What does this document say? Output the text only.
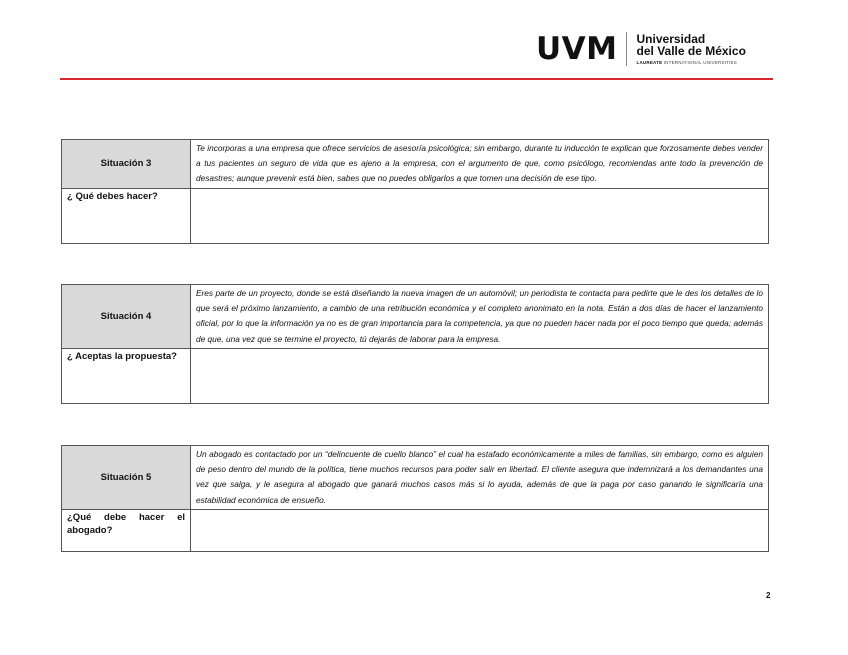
UVM Universidad
del Valle de México
LAUREATE INTERNATIONAL UNIVERSITIES
Situación 3	Te incorporas a una empresa que ofrece servicios de asesoría psicológica; sin embargo, durante tu inducción te explican que forzosamente debes vender a tus pacientes un seguro de vida que es ajeno a la empresa, con el argumento de que, como psicólogo, recomiendas ante todo la prevención de desastres; aunque prevenir está bien, sabes que no puedes obligarlos a que tomen una decisión de ese tipo.
¿ Qué debes hacer?	
Situación 4	Eres parte de un proyecto, donde se está diseñando la nueva imagen de un automóvil; un periodista te contacta para pedirte que le des los detalles de lo que será el próximo lanzamiento, a cambio de una retribución económica y el completo anonimato en la nota. Están a dos días de hacer el lanzamiento oficial, por lo que la información ya no es de gran importancia para la competencia, ya que no pueden hacer nada por el poco tiempo que queda; además de que, una vez que se termine el proyecto, tú dejarás de laborar para la empresa.
¿ Aceptas la propuesta?	
Situación 5	Un abogado es contactado por un “delincuente de cuello blanco” el cual ha estafado económicamente a miles de familias, sin embargo, como es alguien de peso dentro del mundo de la política, tiene muchos recursos para poder salir en libertad. El cliente asegura que indemnizará a los demandantes una vez que salga, y le asegura al abogado que ganará muchos casos más si lo ayuda, además de que la paga por caso ganando le significaría una estabilidad económica de ensueño.
¿Qué debe hacer el abogado?	
2
